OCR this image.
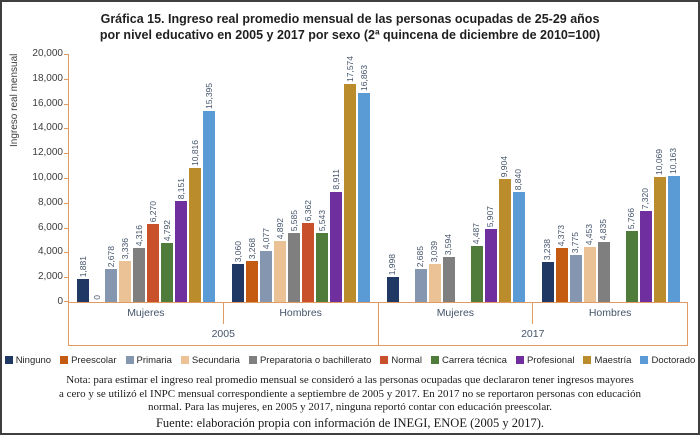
Gráfica 15. Ingreso real promedio mensual de las personas ocupadas de 25-29 años
por nivel educativo en 2005 y 2017 por sexo (2ª quincena de diciembre de 2010=100)
Ingreso real mensual
20,000
18,000
16,000
14,000
12,000
10,000
8,000
6,000
4,000
2,000
0
1,881
0
2,678 3,336
4,316
6,270
4,792
8,151
10,816
15,395
3,060 3,268 4,077 4,892 5,585 6,362 5,543
8,911
17,574 16,863
1,998 2,685 3,039 3,594
4,487
5,907
9,904
8,840
3,238
4,373 3,775 4,453 4,835
5,766
7,320
10,069 10,163
Mujeres	Hombres	Mujeres	Hombres
2005	2017
Ninguno Preescolar Primaria Secundaria Preparatoria o bachillerato Normal Carrera técnica Profesional Maestría Doctorado
Nota: para estimar el ingreso real promedio mensual se consideró a las personas ocupadas que declararon tener ingresos mayores
a cero y se utilizó el INPC mensual correspondiente a septiembre de 2005 y 2017. En 2017 no se reportaron personas con educación
normal. Para las mujeres, en 2005 y 2017, ninguna reportó contar con educación preescolar.
Fuente: elaboración propia con información de INEGI, ENOE (2005 y 2017).
